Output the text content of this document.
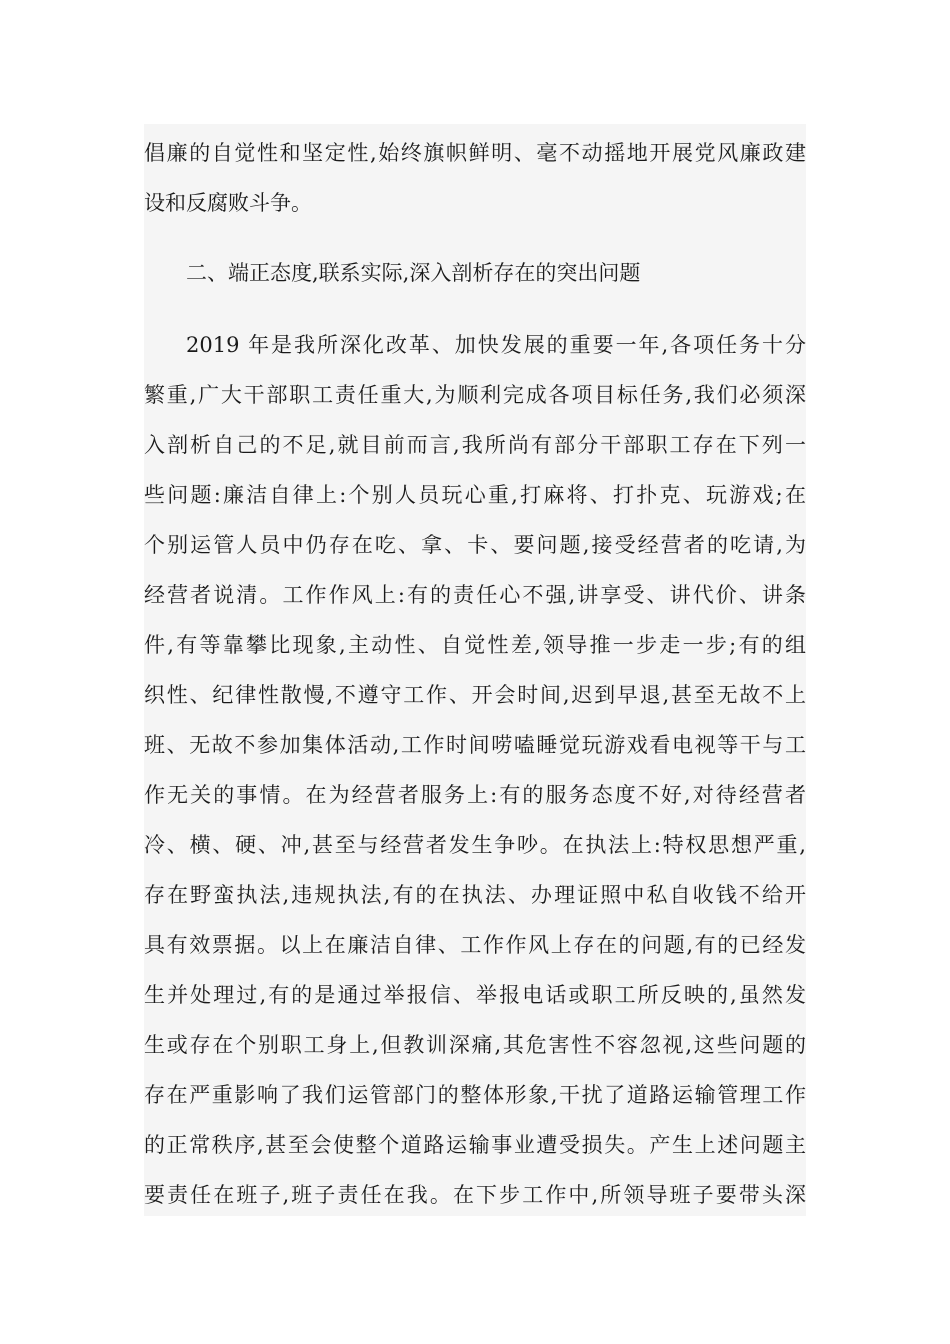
倡廉的自觉性和坚定性,始终旗帜鲜明、毫不动摇地开展党风廉政建
设和反腐败斗争。
二、端正态度,联系实际,深入剖析存在的突出问题
2019 年是我所深化改革、加快发展的重要一年,各项任务十分
繁重,广大干部职工责任重大,为顺利完成各项目标任务,我们必须深
入剖析自己的不足,就目前而言,我所尚有部分干部职工存在下列一
些问题:廉洁自律上:个别人员玩心重,打麻将、打扑克、玩游戏;在
个别运管人员中仍存在吃、拿、卡、要问题,接受经营者的吃请,为
经营者说清。工作作风上:有的责任心不强,讲享受、讲代价、讲条
件,有等靠攀比现象,主动性、自觉性差,领导推一步走一步;有的组
织性、纪律性散慢,不遵守工作、开会时间,迟到早退,甚至无故不上
班、无故不参加集体活动,工作时间唠嗑睡觉玩游戏看电视等干与工
作无关的事情。在为经营者服务上:有的服务态度不好,对待经营者
冷、横、硬、冲,甚至与经营者发生争吵。在执法上:特权思想严重,
存在野蛮执法,违规执法,有的在执法、办理证照中私自收钱不给开
具有效票据。以上在廉洁自律、工作作风上存在的问题,有的已经发
生并处理过,有的是通过举报信、举报电话或职工所反映的,虽然发
生或存在个别职工身上,但教训深痛,其危害性不容忽视,这些问题的
存在严重影响了我们运管部门的整体形象,干扰了道路运输管理工作
的正常秩序,甚至会使整个道路运输事业遭受损失。产生上述问题主
要责任在班子,班子责任在我。在下步工作中,所领导班子要带头深
